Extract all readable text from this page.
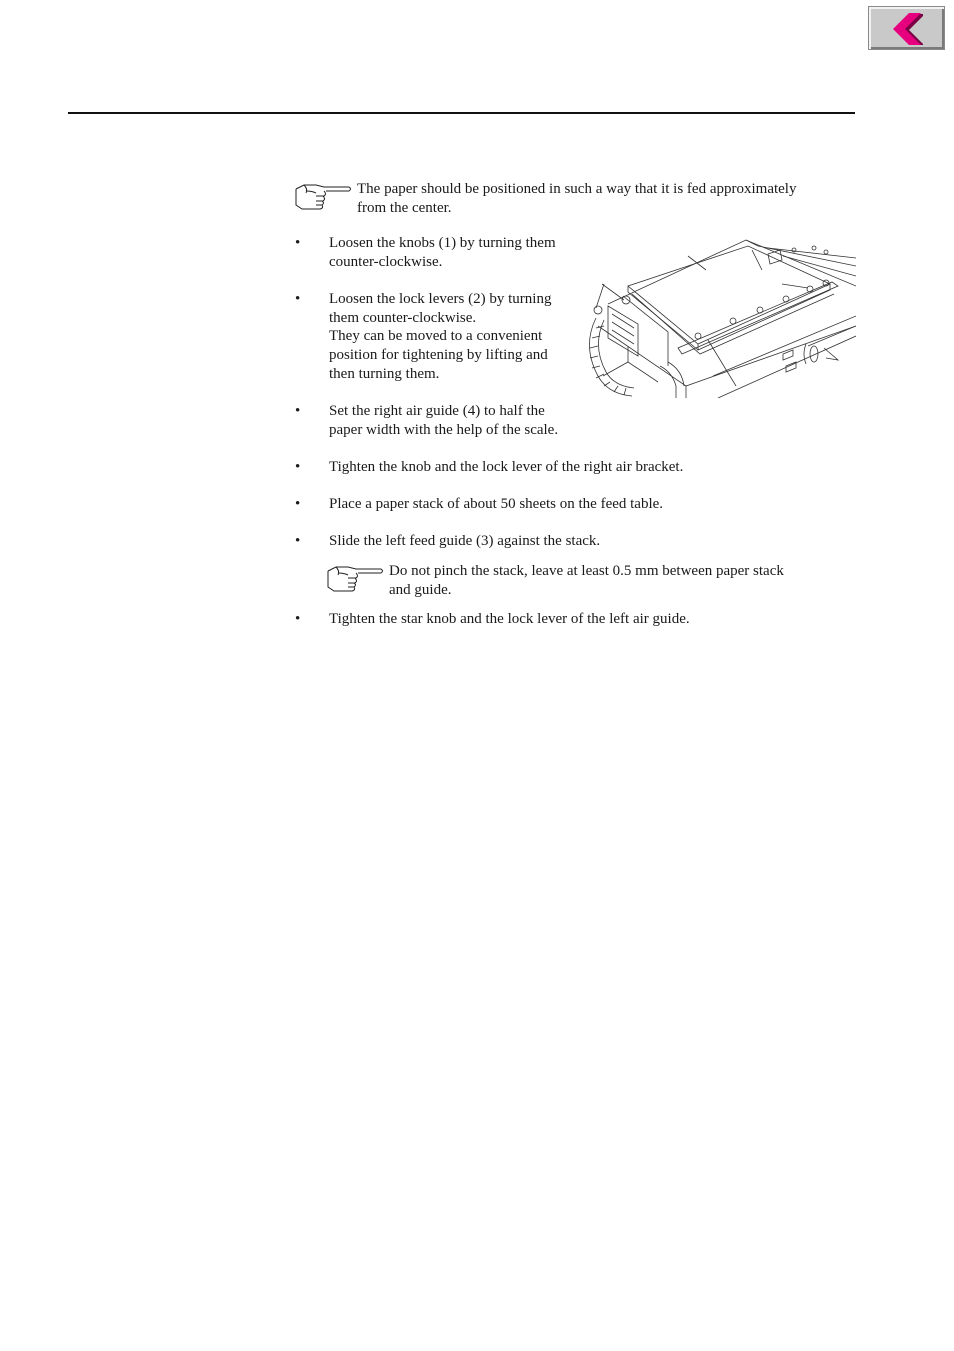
The paper should be positioned in such a way that it is fed approximately
from the center.
• Loosen the knobs (1) by turning them
counter-clockwise.
• Loosen the lock levers (2) by turning
them counter-clockwise.
They can be moved to a convenient
position for tightening by lifting and
then turning them.
• Set the right air guide (4) to half the
paper width with the help of the scale.
• Tighten the knob and the lock lever of the right air bracket.
• Place a paper stack of about 50 sheets on the feed table.
• Slide the left feed guide (3) against the stack.
Do not pinch the stack, leave at least 0.5 mm between paper stack
and guide.
• Tighten the star knob and the lock lever of the left air guide.
